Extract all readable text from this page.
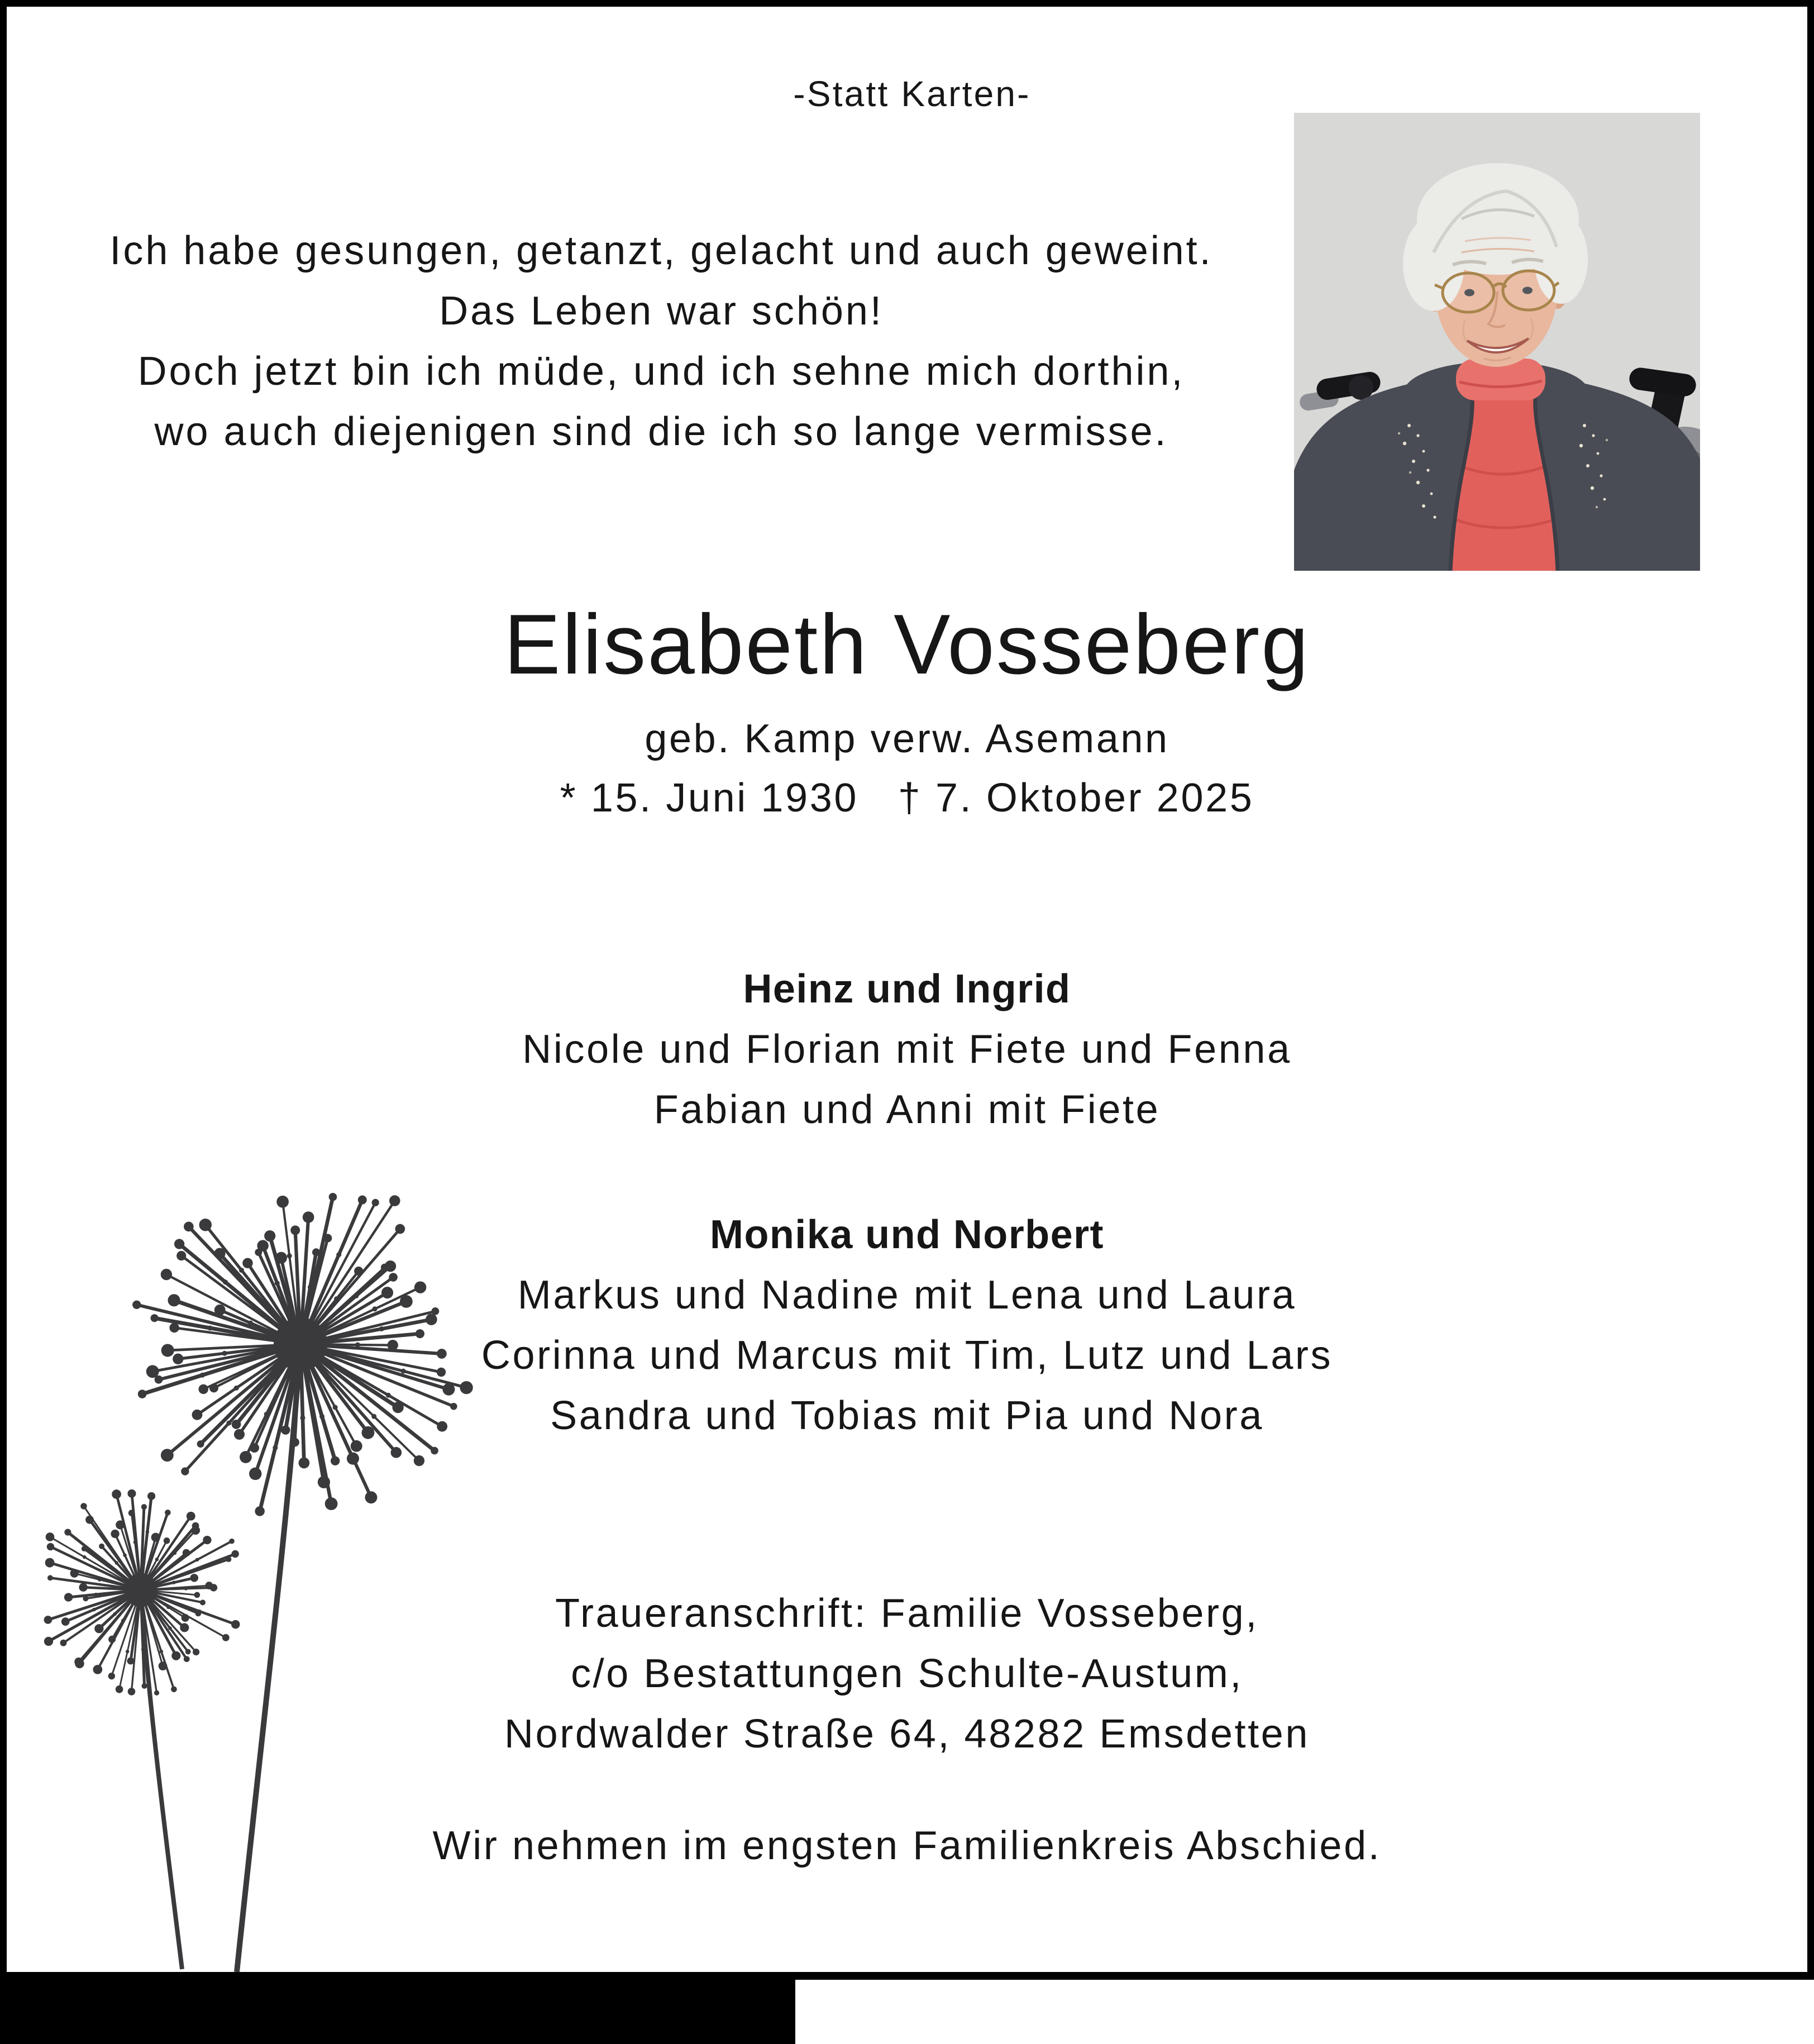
-Statt Karten-
Ich habe gesungen, getanzt, gelacht und auch geweint.
Das Leben war schön!
Doch jetzt bin ich müde, und ich sehne mich dorthin,
wo auch diejenigen sind die ich so lange vermisse.
Elisabeth Vosseberg
geb. Kamp verw. Asemann
* 15. Juni 1930   † 7. Oktober 2025
Heinz und Ingrid
Nicole und Florian mit Fiete und Fenna
Fabian und Anni mit Fiete
Monika und Norbert
Markus und Nadine mit Lena und Laura
Corinna und Marcus mit Tim, Lutz und Lars
Sandra und Tobias mit Pia und Nora
Traueranschrift: Familie Vosseberg,
c/o Bestattungen Schulte-Austum,
Nordwalder Straße 64, 48282 Emsdetten
Wir nehmen im engsten Familienkreis Abschied.
